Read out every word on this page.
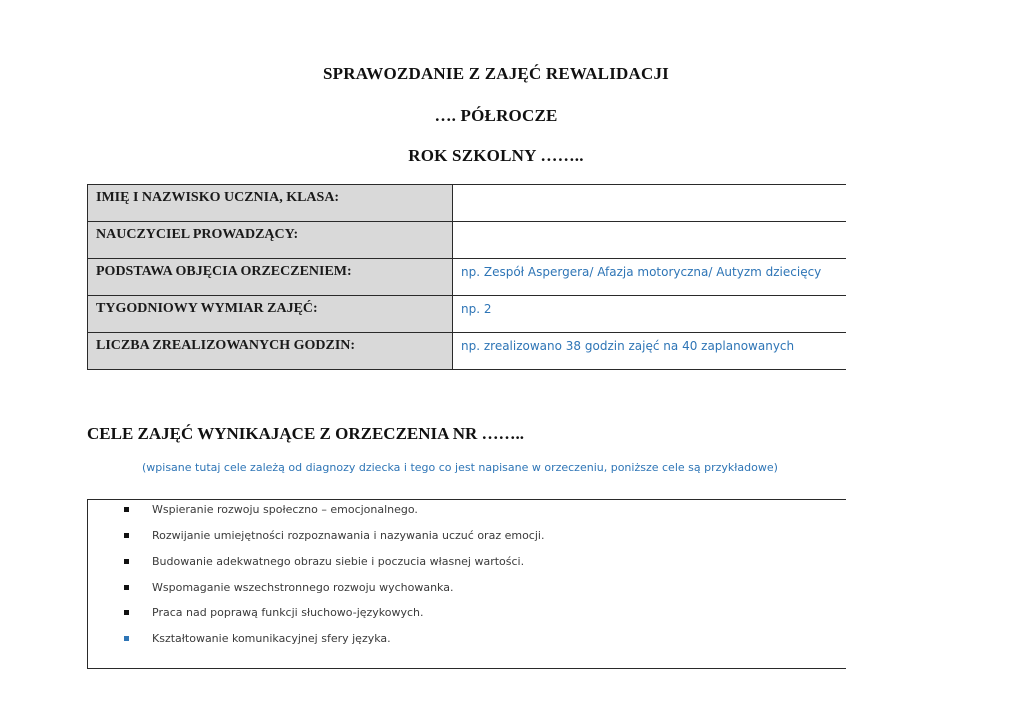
SPRAWOZDANIE Z ZAJĘĆ REWALIDACJI
…. PÓŁROCZE
ROK SZKOLNY ……..
IMIĘ I NAZWISKO UCZNIA, KLASA:	
NAUCZYCIEL PROWADZĄCY:	
PODSTAWA OBJĘCIA ORZECZENIEM:	np. Zespół Aspergera/ Afazja motoryczna/ Autyzm dziecięcy
TYGODNIOWY WYMIAR ZAJĘĆ:	np. 2
LICZBA ZREALIZOWANYCH GODZIN:	np. zrealizowano 38 godzin zajęć na 40 zaplanowanych
CELE ZAJĘĆ WYNIKAJĄCE Z ORZECZENIA NR ……..
(wpisane tutaj cele zależą od diagnozy dziecka i tego co jest napisane w orzeczeniu, poniższe cele są przykładowe)
Wspieranie rozwoju społeczno – emocjonalnego.
Rozwijanie umiejętności rozpoznawania i nazywania uczuć oraz emocji.
Budowanie adekwatnego obrazu siebie i poczucia własnej wartości.
Wspomaganie wszechstronnego rozwoju wychowanka.
Praca nad poprawą funkcji słuchowo-językowych.
Kształtowanie komunikacyjnej sfery języka.
